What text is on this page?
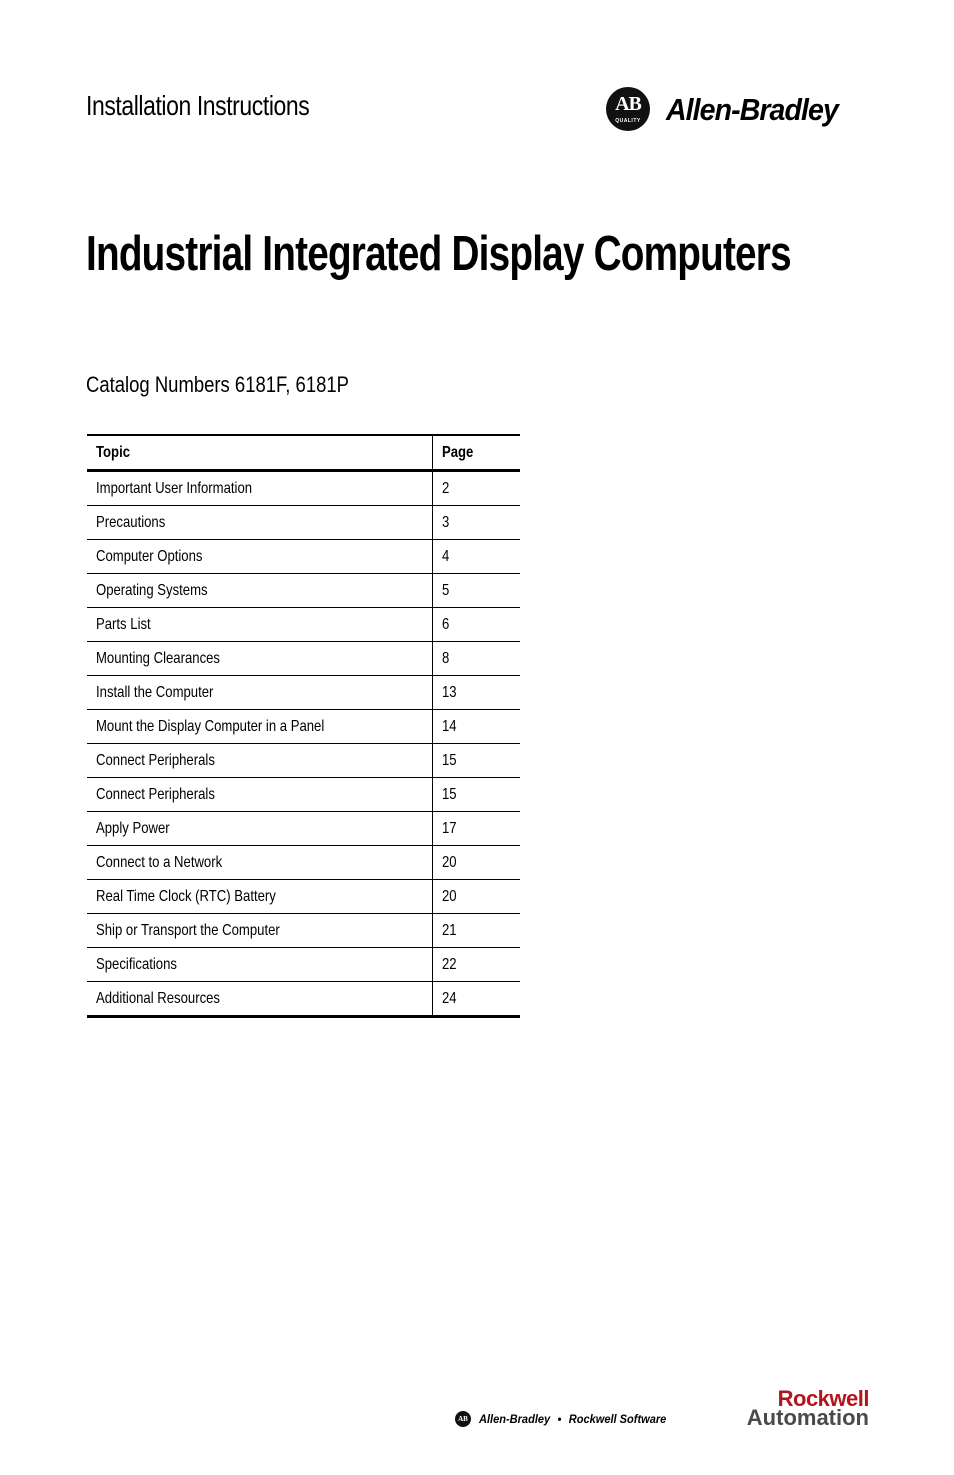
Installation Instructions	AB
QUALITY Allen-Bradley
Industrial Integrated Display Computers
Catalog Numbers 6181F, 6181P
Topic	Page
Important User Information	2
Precautions	3
Computer Options	4
Operating Systems	5
Parts List	6
Mounting Clearances	8
Install the Computer	13
Mount the Display Computer in a Panel	14
Connect Peripherals	15
Connect Peripherals	15
Apply Power	17
Connect to a Network	20
Real Time Clock (RTC) Battery	20
Ship or Transport the Computer	21
Specifications	22
Additional Resources	24
AB Allen-Bradley • Rockwell Software
Rockwell
Automation
